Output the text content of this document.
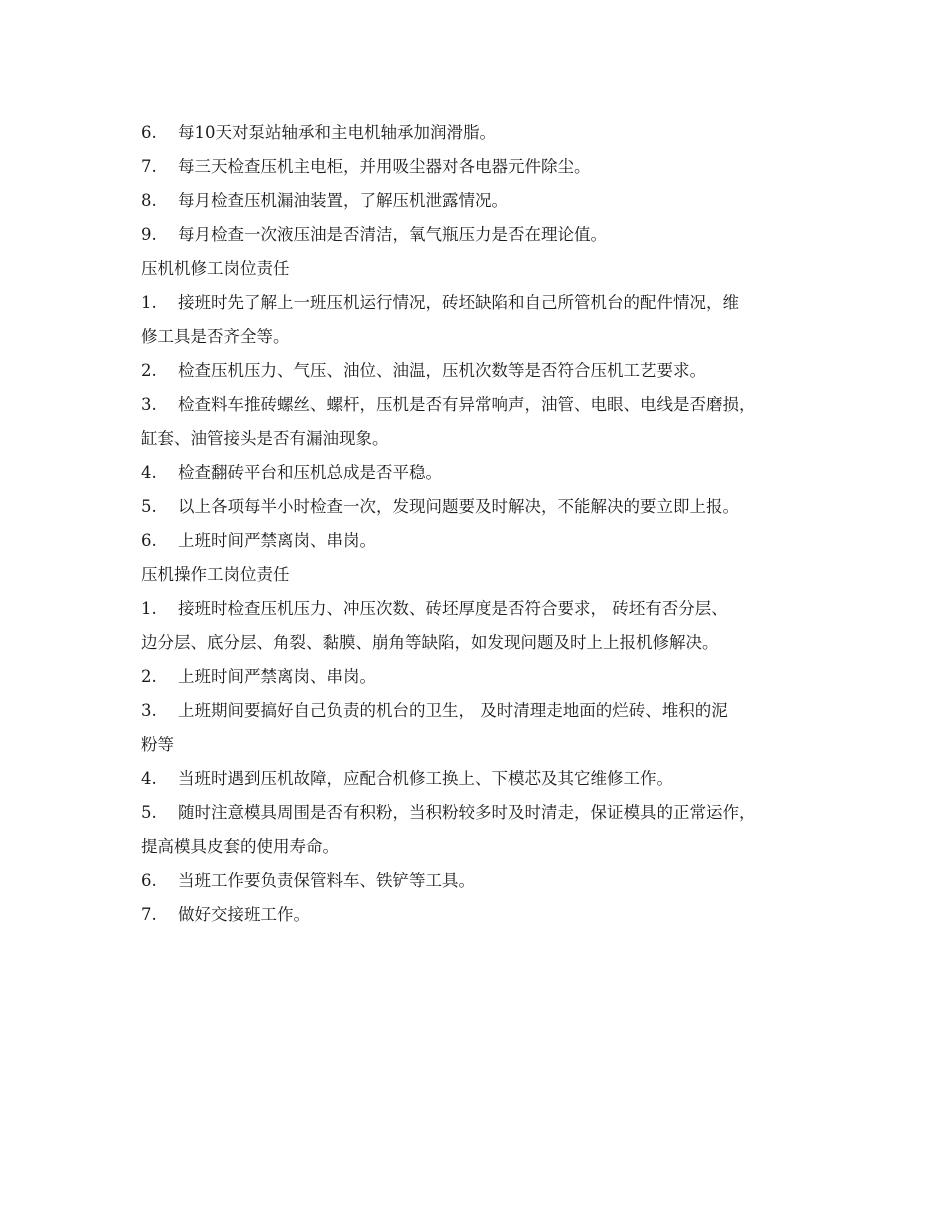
6. 每10天对泵站轴承和主电机轴承加润滑脂。
7. 每三天检查压机主电柜，并用吸尘器对各电器元件除尘。
8. 每月检查压机漏油装置，了解压机泄露情况。
9. 每月检查一次液压油是否清洁，氧气瓶压力是否在理论值。
压机机修工岗位责任
1. 接班时先了解上一班压机运行情况，砖坯缺陷和自己所管机台的配件情况，维
修工具是否齐全等。
2. 检查压机压力、气压、油位、油温，压机次数等是否符合压机工艺要求。
3. 检查料车推砖螺丝、螺杆，压机是否有异常响声，油管、电眼、电线是否磨损，
缸套、油管接头是否有漏油现象。
4. 检查翻砖平台和压机总成是否平稳。
5. 以上各项每半小时检查一次，发现问题要及时解决，不能解决的要立即上报。
6. 上班时间严禁离岗、串岗。
压机操作工岗位责任
1. 接班时检查压机压力、冲压次数、砖坯厚度是否符合要求， 砖坯有否分层、
边分层、底分层、角裂、黏膜、崩角等缺陷，如发现问题及时上上报机修解决。
2. 上班时间严禁离岗、串岗。
3. 上班期间要搞好自己负责的机台的卫生， 及时清理走地面的烂砖、堆积的泥
粉等
4. 当班时遇到压机故障，应配合机修工换上、下模芯及其它维修工作。
5. 随时注意模具周围是否有积粉，当积粉较多时及时清走，保证模具的正常运作，
提高模具皮套的使用寿命。
6. 当班工作要负责保管料车、铁铲等工具。
7. 做好交接班工作。
